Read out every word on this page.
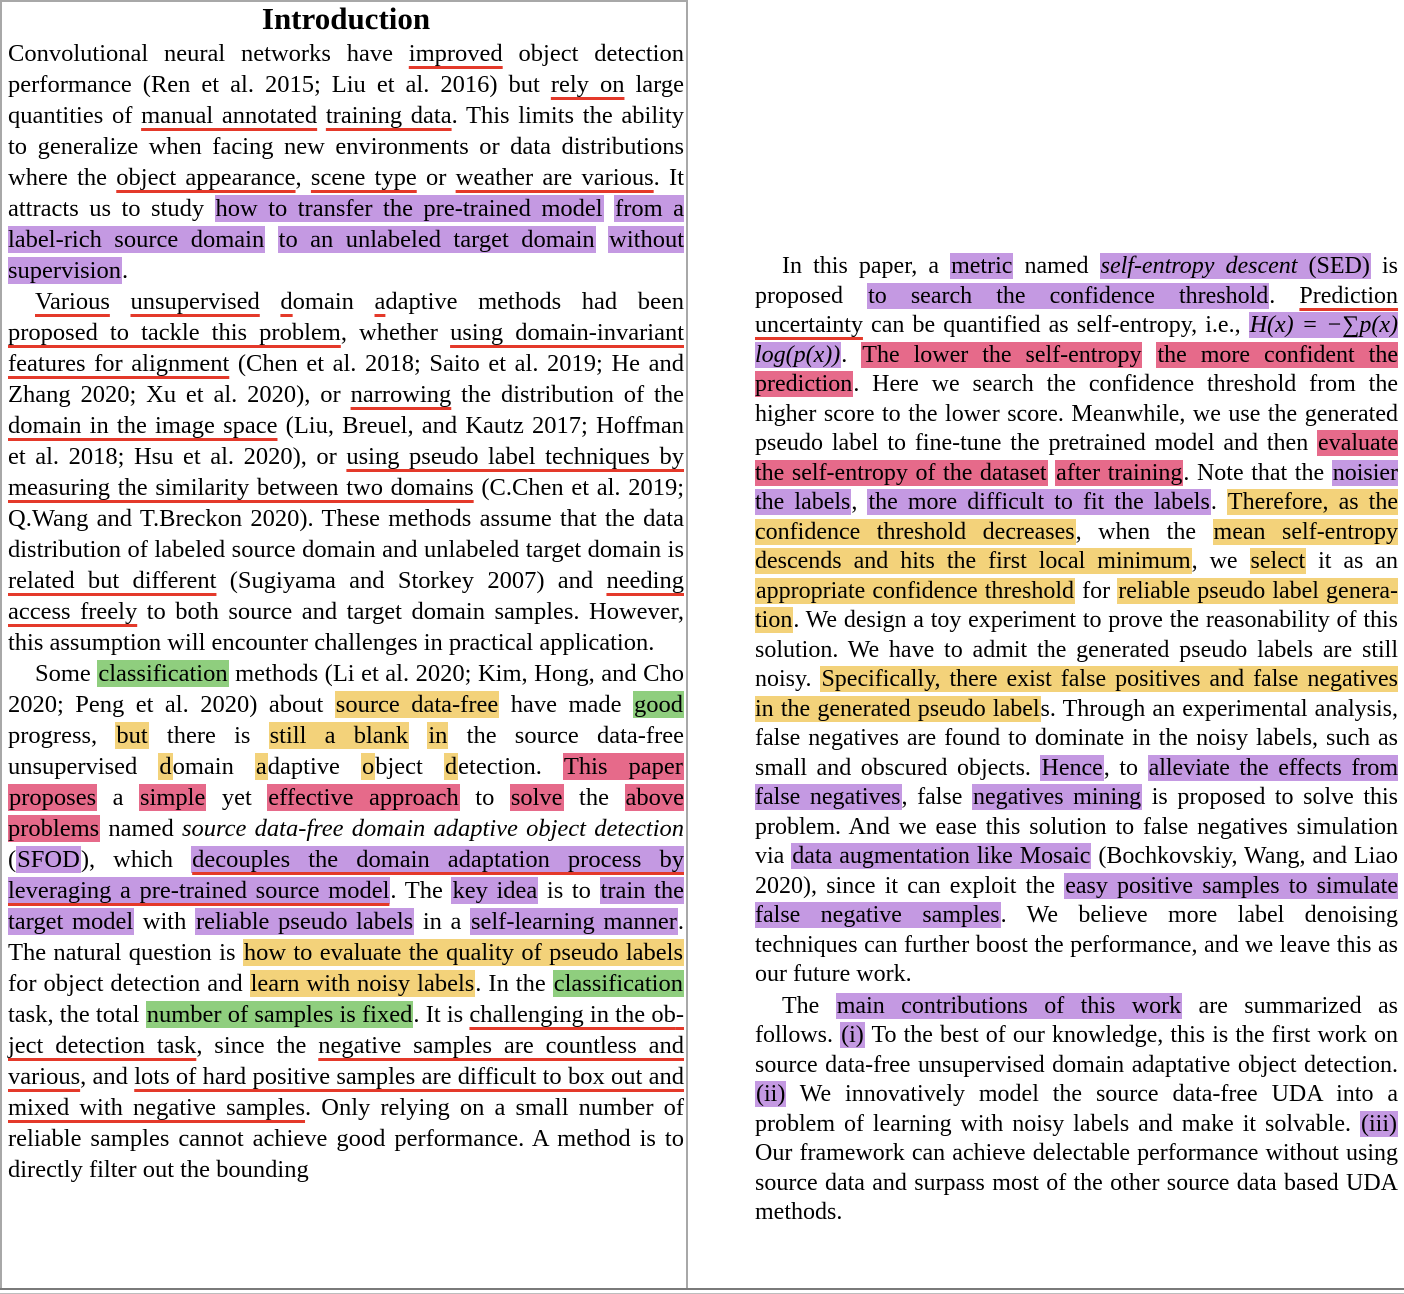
Introduction

Convolutional neural networks have improved object detection performance (Ren et al. 2015; Liu et al. 2016) but rely on large quantities of manual annotated training data. This limits the ability to generalize when facing new environments or data distributions where the object appearance, scene type or weather are various. It attracts us to study how to transfer the pre-trained model from a label-rich source domain to an unlabeled target domain without supervision.

Various unsupervised domain adaptive methods had been proposed to tackle this problem, whether using domain-invariant features for alignment (Chen et al. 2018; Saito et al. 2019; He and Zhang 2020; Xu et al. 2020), or narrowing the distribution of the domain in the image space (Liu, Breuel, and Kautz 2017; Hoffman et al. 2018; Hsu et al. 2020), or using pseudo label techniques by measuring the similarity between two domains (C.Chen et al. 2019; Q.Wang and T.Breckon 2020). These methods assume that the data distribution of labeled source domain and unlabeled target domain is related but different (Sugiyama and Storkey 2007) and needing access freely to both source and target domain samples. However, this assumption will encounter challenges in practical application.

Some classification methods (Li et al. 2020; Kim, Hong, and Cho 2020; Peng et al. 2020) about source data-free have made good progress, but there is still a blank in the source data-free unsupervised domain adaptive object detection. This paper proposes a simple yet effective approach to solve the above problems named source data-free domain adaptive object detection (SFOD), which decouples the domain adaptation process by leveraging a pre-trained source model. The key idea is to train the target model with reliable pseudo labels in a self-learning manner. The natural question is how to evaluate the quality of pseudo labels for object detection and learn with noisy labels. In the classification task, the total number of samples is fixed. It is challenging in the object detection task, since the negative samples are countless and various, and lots of hard positive samples are difficult to box out and mixed with negative samples. Only relying on a small number of reliable samples cannot achieve good performance. A method is to directly filter out the bounding

In this paper, a metric named self-entropy descent (SED) is proposed to search the confidence threshold. Prediction uncertainty can be quantified as self-entropy, i.e., H(x) = −∑p(x) log(p(x)). The lower the self-entropy the more confident the prediction. Here we search the confidence threshold from the higher score to the lower score. Meanwhile, we use the generated pseudo label to fine-tune the pretrained model and then evaluate the self-entropy of the dataset after training. Note that the noisier the labels, the more difficult to fit the labels. Therefore, as the confidence threshold decreases, when the mean self-entropy descends and hits the first local minimum, we select it as an appropriate confidence threshold for reliable pseudo label generation. We design a toy experiment to prove the reasonability of this solution. We have to admit the generated pseudo labels are still noisy. Specifically, there exist false positives and false negatives in the generated pseudo labels. Through an experimental analysis, false negatives are found to dominate in the noisy labels, such as small and obscured objects. Hence, to alleviate the effects from false negatives, false negatives mining is proposed to solve this problem. And we ease this solution to false negatives simulation via data augmentation like Mosaic (Bochkovskiy, Wang, and Liao 2020), since it can exploit the easy positive samples to simulate false negative samples. We believe more label denoising techniques can further boost the performance, and we leave this as our future work.

The main contributions of this work are summarized as follows. (i) To the best of our knowledge, this is the first work on source data-free unsupervised domain adaptative object detection. (ii) We innovatively model the source data-free UDA into a problem of learning with noisy labels and make it solvable. (iii) Our framework can achieve delectable performance without using source data and surpass most of the other source data based UDA methods.
